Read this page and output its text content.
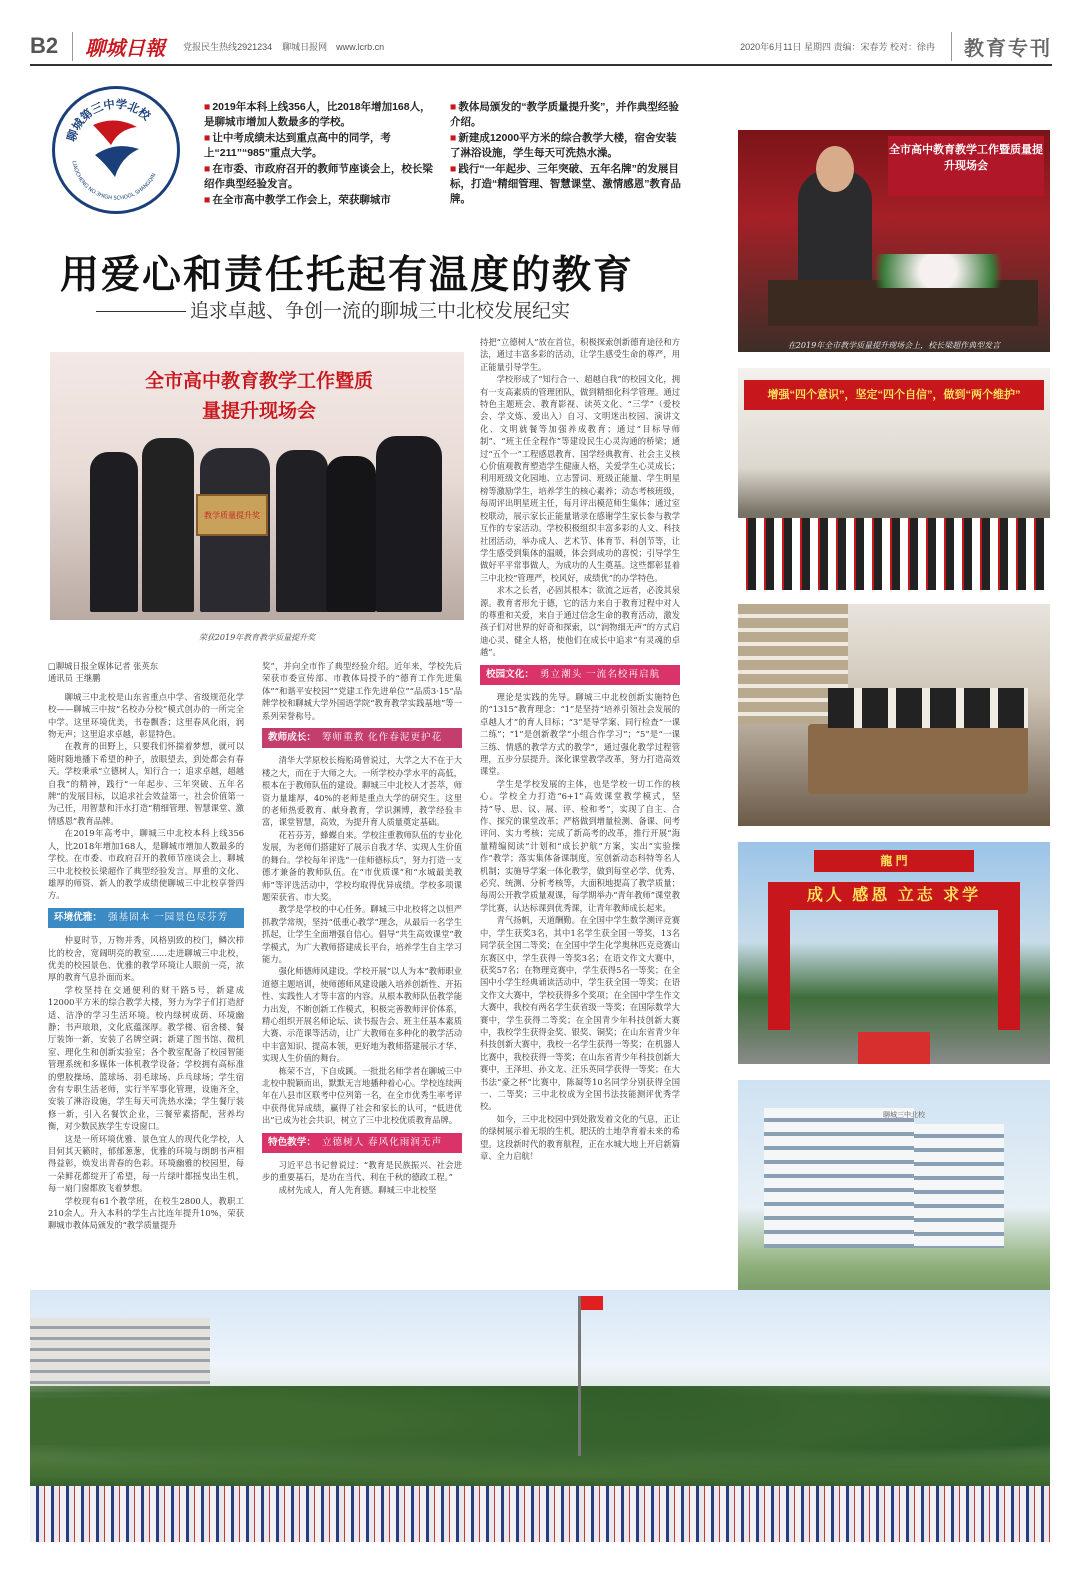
B2	聊城日報 党报民生热线2921234 聊城日报网　www.lcrb.cn	2020年6月11日 星期四 责编：宋春芳 校对：徐冉	教育专刊
聊城第三中学北校
LIAOCHENG NO.3HIGH SCHOOL SHANGQIN
■ 2019年本科上线356人，比2018年增加168人，是聊城市增加人数最多的学校。
■ 让中考成绩未达到重点高中的同学，考上“211”“985”重点大学。
■ 在市委、市政府召开的教师节座谈会上，校长梁绍作典型经验发言。
■ 在全市高中教学工作会上，荣获聊城市
■ 教体局颁发的“教学质量提升奖”，并作典型经验介绍。
■ 新建成12000平方米的综合教学大楼，宿舍安装了淋浴设施，学生每天可洗热水澡。
■ 践行“一年起步、三年突破、五年名牌”的发展目标，打造“精细管理、智慧课堂、激情感恩”教育品牌。
全市高中教育教学工作暨质量提升现场会
在2019年全市教学质量提升现场会上，校长梁超作典型发言
用爱心和责任托起有温度的教育
追求卓越、争创一流的聊城三中北校发展纪实
全市高中教育教学工作暨质量提升现场会
教学质量提升奖
荣获2019年教育教学质量提升奖
□聊城日报全媒体记者 张英东
通讯员 王继鹏

聊城三中北校是山东省重点中学、省级规范化学校——聊城三中按“名校办分校”模式创办的一所完全中学。这里环境优美，书卷飘香；这里春风化雨，润物无声；这里追求卓越，彰显特色。

在教育的田野上，只要我们怀揣着梦想，就可以随时随地播下希望的种子，放眼望去，到处都会有春天。学校秉承“立德树人，知行合一；追求卓越，超越自我”的精神，践行“一年起步、三年突破、五年名牌”的发展目标，以追求社会效益第一，社会价值第一为己任，用智慧和汗水打造“精细管理、智慧课堂、激情感恩”教育品牌。

在2019年高考中，聊城三中北校本科上线356人，比2018年增加168人，是聊城市增加人数最多的学校。在市委、市政府召开的教师节座谈会上，聊城三中北校校长梁超作了典型经验发言。厚重的文化、雄厚的师资、新人的教学成绩使聊城三中北校享誉四方。

环境优雅： 强基固本 一园景色尽芬芳

仲夏时节，万物并秀，风格别致的校门，鳞次栉比的校舍，宽阔明亮的教室……走进聊城三中北校，优美的校园景色、优雅的教学环境让人眼前一亮，浓厚的教育气息扑面而来。

学校坚持在交通便利的财干路5号，新建成12000平方米的综合教学大楼，努力为学子们打造舒适、洁净的学习生活环境。校内绿树成荫、环境幽静；书声琅琅，文化底蕴深厚。教学楼、宿舍楼、餐厅装饰一新，安装了名牌空调；新建了图书馆、微机室、理化生和创新实验室；各个教室配备了校园智能管理系统和多媒体一体机教学设备；学校拥有高标准的塑胶操场、篮球场、羽毛球场、乒乓球场；学生宿舍有专职生活老师，实行半军事化管理，设施齐全，安装了淋浴设施，学生每天可洗热水澡；学生餐厅装修一新，引入名餐饮企业，三餐荤素搭配，营养均衡，对少数民族学生专设窗口。

这是一所环境优雅、景色宜人的现代化学校，人目何其天籁时，郁郁葱葱，优雅的环境与朗朗书声相得益彰，焕发出青春的色彩。环境幽雅的校园里，每一朵鲜花都绽开了希望，每一片绿叶都摇曳出生机，每一扇门窗都放飞着梦想。

学校现有61个教学班，在校生2800人，教职工210余人。升入本科的学生占比连年提升10%，荣获聊城市教体局颁发的“教学质量提升

奖”，并向全市作了典型经验介绍。近年来，学校先后荣获市委宣传部、市教体局授予的“德育工作先进集体”“和谐平安校园”“党建工作先进单位”“品质3·15”品牌学校和聊城大学外国语学院“教育教学实践基地”等一系列荣誉称号。

教师成长： 筹师重教 化作春泥更护花

清华大学原校长梅贻琦曾说过，大学之大不在于大楼之大，而在于大师之大。一所学校办学水平的高低，根本在于教师队伍的建设。聊城三中北校人才荟萃，师资力量雄厚，40%的老师是重点大学的研究生。这里的老师热爱教育、献身教育，学识渊博，教学经验丰富，课堂智慧，高效，为提升育人质量奠定基础。

花若芬芳，蜂蝶自来。学校注重教师队伍的专业化发展，为老师们搭建好了展示自我才华、实现人生价值的舞台。学校每年评选“一佳师德标兵”，努力打造一支德才兼备的教师队伍。在“市优质课”和“水城最美教师”等评选活动中，学校均取得优异成绩。学校多项课题荣获省、市大奖。

教学是学校的中心任务。聊城三中北校将之以恒严抓教学常规，坚持“低重心教学”理念，从最后一名学生抓起，让学生全面增强自信心。倡导“共生高效课堂”教学模式，为广大教师搭建成长平台，培养学生自主学习能力。

强化师德师风建设。学校开展“以人为本”教师职业道德主题培训，使师德师风建设融入培养创新性、开拓性、实践性人才等丰富的内容。从根本教师队伍教学能力出发，不断创新工作模式，积极完善教师评价体系，精心组织开展名师论坛、读书报告会、班主任基本素质大赛、示范课等活动，让广大教师在多种化的教学活动中丰富知识、提高本领，更好地为教师搭建展示才华、实现人生价值的舞台。

栋荣不言，下自成蹊。一批批名师学者在聊城三中北校中脱颖而出，默默无言地播种着心心。学校连续两年在八县市区联考中位列第一名，在全市优秀生率考评中获得优异成绩，赢得了社会和家长的认可，“低进优出”已成为社会共识，树立了三中北校优质教育品牌。

特色教学： 立德树人 春风化雨润无声

习近平总书记曾说过：“教育是民族振兴、社会进步的重要基石，是功在当代、利在千秋的德政工程。”

成材先成人，育人先育德。聊城三中北校坚

持把“立德树人”放在首位，积极探索创新德育途径和方法，通过丰富多彩的活动，让学生感受生命的尊严，用正能量引导学生。

学校形成了“知行合一、超越自我”的校园文化，拥有一支高素质的管理团队，做到精细化科学管理。通过特色主题班会、教育影视、读英文化、“三学”（爱校会、学文炼、爱出入）自习、文明迷出校园、演讲文化、文明就餐等加强养成教育；通过“目标导师制”、“班主任全程作”等建设民生心灵沟通的桥梁；通过“五个一”工程感恩教育、国学经典教育、社会主义核心价值观教育塑造学生健康人格，关爱学生心灵成长；利用班级文化园地、立志誓词、班级正能量、学生明星榜等激励学生，培养学生的核心素养；动态考核班级，每周评出明星班主任，每月评出模范师生集体；通过室校联动，展示家长正能量谐录在感谢学生家长参与教学互作的专家活动。学校积极组织丰富多彩的人文、科技社团活动，举办成人、艺术节、体育节、科创节等，让学生感受到集体的温暖，体会到成功的喜悦；引导学生做好平平常事做人，为成功的人生奠基。这些都彰显着三中北校“管理严，校风好，成绩优”的办学特色。

求木之长者，必固其根本；欲流之远者，必浚其泉源。教育者形允于德，它的活力来自于教育过程中对人的尊重和关爱，来自于通过信念生命的教育活动，激发孩子们对世界的好奇和探索，以“润物细无声”的方式启迪心灵、健全人格，使他们在成长中追求“有灵魂的卓越”。

校园文化： 勇立潮头 一流名校再启航

理论是实践的先导。聊城三中北校创新实施特色的“1315”教育理念：“1”是坚持“培养引领社会发展的卓越人才”的育人目标；“3”是导学案、同行检查“一课二练”；“1”是创新教学“小组合作学习”；“5”是“一课三练、情感的教学方式的教学”，通过强化教学过程管理，五步分层提升。深化课堂教学改革，努力打造高效课堂。

学生是学校发展的主体，也是学校一切工作的核心。学校全力打造“6+1”高效课堂教学模式，坚持“导、思、议、展、评、检和考”，实现了自主、合作、探究的课堂改革；严格做到增量检测、备课、问考评问、实力考核；完成了新高考的改革，推行开展“海量精编阅读”计划和“成长护航”方案，实出“实验操作”教学；落实集体备课制度，室创新动态科特等名人机制；实施导学案一体化教学，做到每堂必学、优秀、必究、统测、分析考核等，大面积地提高了教学质量；每周公开教学质量观课，每学期举办“青年教师”课堂教学比赛，认达标课到优秀课，让青年教师成长起来。

青气扬帆，天道酬勤。在全国中学生数学测评竞赛中，学生获奖3名，其中1名学生获全国一等奖，13名同学获全国二等奖；在全国中学生化学奥林匹克竞赛山东赛区中，学生获得一等奖3名；在语文作文大赛中，获奖57名；在物理竞赛中，学生获得5名一等奖；在全国中小学生经典诵读活动中，学生获全国一等奖；在语文作文大赛中，学校获得多个奖项；在全国中学生作文大赛中，我校有两名学生获省级一等奖；在国际数学大赛中，学生获得二等奖；在全国青少年科技创新大赛中，我校学生获得金奖、银奖、铜奖；在山东省青少年科技创新大赛中，我校一名学生获得一等奖；在机器人比赛中，我校获得一等奖；在山东省青少年科技创新大赛中，王泽坦、孙文龙、汪乐英同学获得一等奖；在大书法“豪之杯”比赛中，陈凝等10名同学分别获得全国一、二等奖；三中北校成为全国书法技能测评优秀学校。

如今，三中北校园中到处散发着文化的气息，正让的绿树展示着无垠的生机，肥沃的土地孕育着未来的希望。这段新时代的教育航程，正在水城大地上开启新篇章、全力启航！

增强“四个意识”，坚定“四个自信”，做到“两个维护”
龍 門
成人 感恩 立志 求学
聊城三中北校
